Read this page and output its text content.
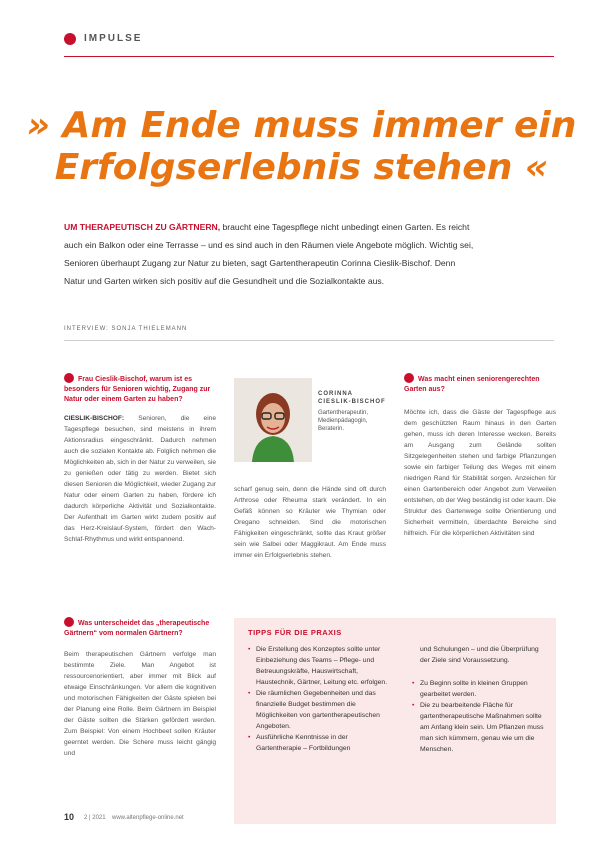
IMPULSE
» Am Ende muss immer ein
Erfolgserlebnis stehen «
UM THERAPEUTISCH ZU GÄRTNERN, braucht eine Tagespflege nicht unbedingt einen Garten. Es reicht
auch ein Balkon oder eine Terrasse – und es sind auch in den Räumen viele Angebote möglich. Wichtig sei,
Senioren überhaupt Zugang zur Natur zu bieten, sagt Gartentherapeutin Corinna Cieslik-Bischof. Denn
Natur und Garten wirken sich positiv auf die Gesundheit und die Sozialkontakte aus.
INTERVIEW: SONJA THIELEMANN
Frau Cieslik-Bischof, warum ist es besonders für Senioren wichtig, Zugang zur Natur oder einem Garten zu haben?
CIESLIK-BISCHOF: Senioren, die eine Tagespflege besuchen, sind meistens in ihrem Aktionsradius eingeschränkt. Dadurch nehmen auch die sozialen Kontakte ab. Folglich nehmen die Möglichkeiten ab, sich in der Natur zu verweilen, sie zu genießen oder tätig zu werden. Bietet sich diesen Senioren die Möglichkeit, wieder Zugang zur Natur oder einem Garten zu haben, fördere ich dadurch körperliche Aktivität und Sozialkontakte. Der Aufenthalt im Garten wirkt zudem positiv auf das Herz-Kreislauf-System, fördert den Wach-Schlaf-Rhythmus und wirkt entspannend.
Was unterscheidet das „therapeutische Gärtnern“ vom normalen Gärtnern?
Beim therapeutischen Gärtnern verfolge man bestimmte Ziele. Man Angebot ist ressourcenorientiert, aber immer mit Blick auf etwaige Einschränkungen. Vor allem die kognitiven und motorischen Fähigkeiten der Gäste spielen bei der Planung eine Rolle. Beim Gärtnern im Beispiel der Gäste sollten die Stärken gefördert werden. Zum Beispiel: Von einem Hochbeet sollen Kräuter geerntet werden. Die Schere muss leicht gängig und
CORINNA CIESLIK-BISCHOF
Gartentherapeutin, Medienpädagogin, Beraterin.
scharf genug sein, denn die Hände sind oft durch Arthrose oder Rheuma stark verändert. In ein Gefäß können so Kräuter wie Thymian oder Oregano schneiden. Sind die motorischen Fähigkeiten eingeschränkt, sollte das Kraut größer sein wie Salbei oder Maggikraut. Am Ende muss immer ein Erfolgserlebnis stehen.
Was macht einen seniorengerechten Garten aus?
Möchte ich, dass die Gäste der Tagespflege aus dem geschützten Raum hinaus in den Garten gehen, muss ich deren Interesse wecken. Bereits am Ausgang zum Gelände sollten Sitzgelegenheiten stehen und farbige Pflanzungen sowie ein farbiger Teilung des Weges mit einem niedrigen Rand für Stabilität sorgen. Anzeichen für einen Gartenbereich oder Angebot zum Verweilen entstehen, ob der Weg beständig ist oder kaum. Die Struktur des Gartenwege sollte Orientierung und Sicherheit vermitteln, überdachte Bereiche sind hilfreich. Für die körperlichen Aktivitäten sind
TIPPS FÜR DIE PRAXIS
• Die Erstellung des Konzeptes sollte unter Einbeziehung des Teams – Pflege- und Betreuungskräfte, Hauswirtschaft, Haustechnik, Gärtner, Leitung etc. erfolgen.
• Die räumlichen Gegebenheiten und das finanzielle Budget bestimmen die Möglichkeiten von gartentherapeutischen Angeboten.
• Ausführliche Kenntnisse in der Gartentherapie – Fortbildungen
und Schulungen – und die Überprüfung der Ziele sind Voraussetzung.
• Zu Beginn sollte in kleinen Gruppen gearbeitet werden.
• Die zu bearbeitende Fläche für gartentherapeutische Maßnahmen sollte am Anfang klein sein. Um Pflanzen muss man sich kümmern, genau wie um die Menschen.
10 2 | 2021 www.altenpflege-online.net
